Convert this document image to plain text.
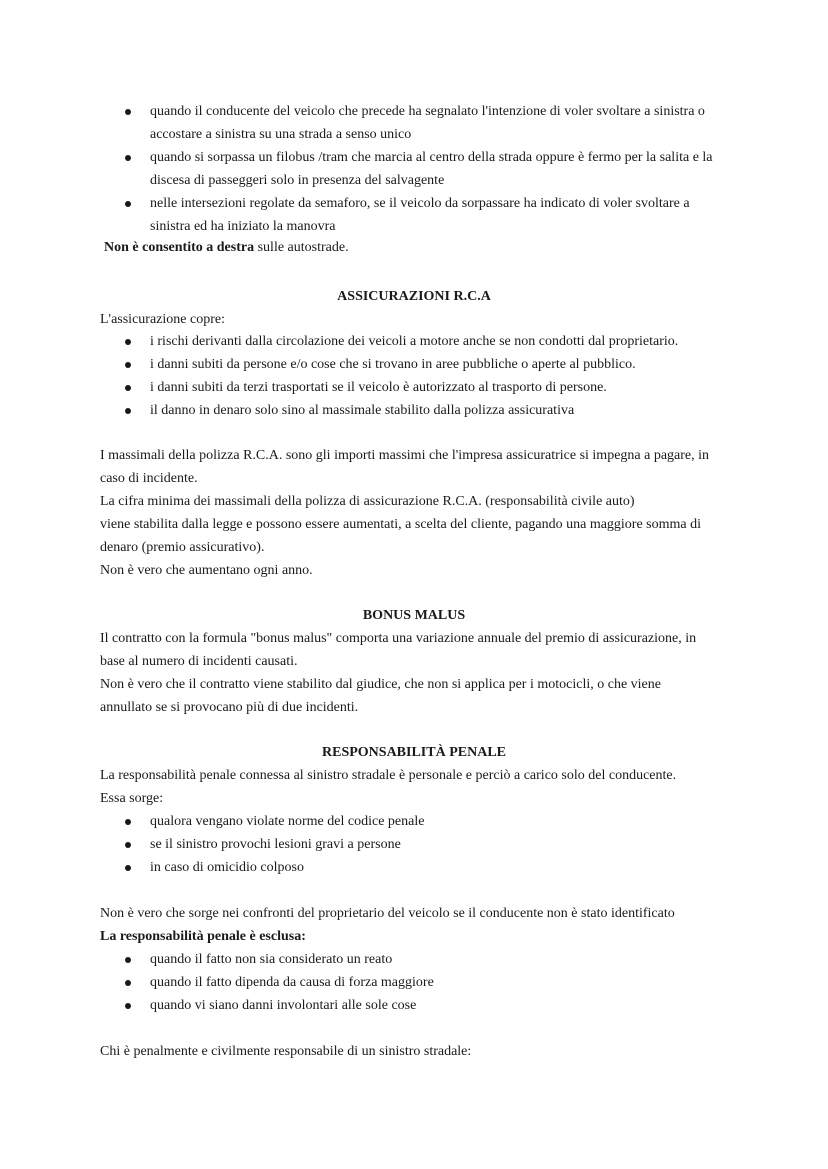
quando il conducente del veicolo che precede ha segnalato l'intenzione di voler svoltare a sinistra o
accostare a sinistra su una strada a senso unico
quando si sorpassa un filobus /tram che marcia al centro della strada oppure è fermo per la salita e la
discesa di passeggeri solo in presenza del salvagente
nelle intersezioni regolate da semaforo, se il veicolo da sorpassare ha indicato di voler svoltare a
sinistra ed ha iniziato la manovra
Non è consentito a destra sulle autostrade.
ASSICURAZIONI R.C.A
L'assicurazione copre:
i rischi derivanti dalla circolazione dei veicoli a motore anche se non condotti dal proprietario.
i danni subiti da persone e/o cose che si trovano in aree pubbliche o aperte al pubblico.
i danni subiti da terzi trasportati se il veicolo è autorizzato al trasporto di persone.
il danno in denaro solo sino al massimale stabilito dalla polizza assicurativa
I massimali della polizza R.C.A. sono gli importi massimi che l'impresa assicuratrice si impegna a pagare, in
caso di incidente.
La cifra minima dei massimali della polizza di assicurazione R.C.A. (responsabilità civile auto)
viene stabilita dalla legge e possono essere aumentati, a scelta del cliente, pagando una maggiore somma di
denaro (premio assicurativo).
Non è vero che aumentano ogni anno.
BONUS MALUS
Il contratto con la formula "bonus malus" comporta una variazione annuale del premio di assicurazione, in
base al numero di incidenti causati.
Non è vero che il contratto viene stabilito dal giudice, che non si applica per i motocicli, o che viene
annullato se si provocano più di due incidenti.
RESPONSABILITÀ PENALE
La responsabilità penale connessa al sinistro stradale è personale e perciò a carico solo del conducente.
Essa sorge:
qualora vengano violate norme del codice penale
se il sinistro provochi lesioni gravi a persone
in caso di omicidio colposo
Non è vero che sorge nei confronti del proprietario del veicolo se il conducente non è stato identificato
La responsabilità penale è esclusa:
quando il fatto non sia considerato un reato
quando il fatto dipenda da causa di forza maggiore
quando vi siano danni involontari alle sole cose
Chi è penalmente e civilmente responsabile di un sinistro stradale:
